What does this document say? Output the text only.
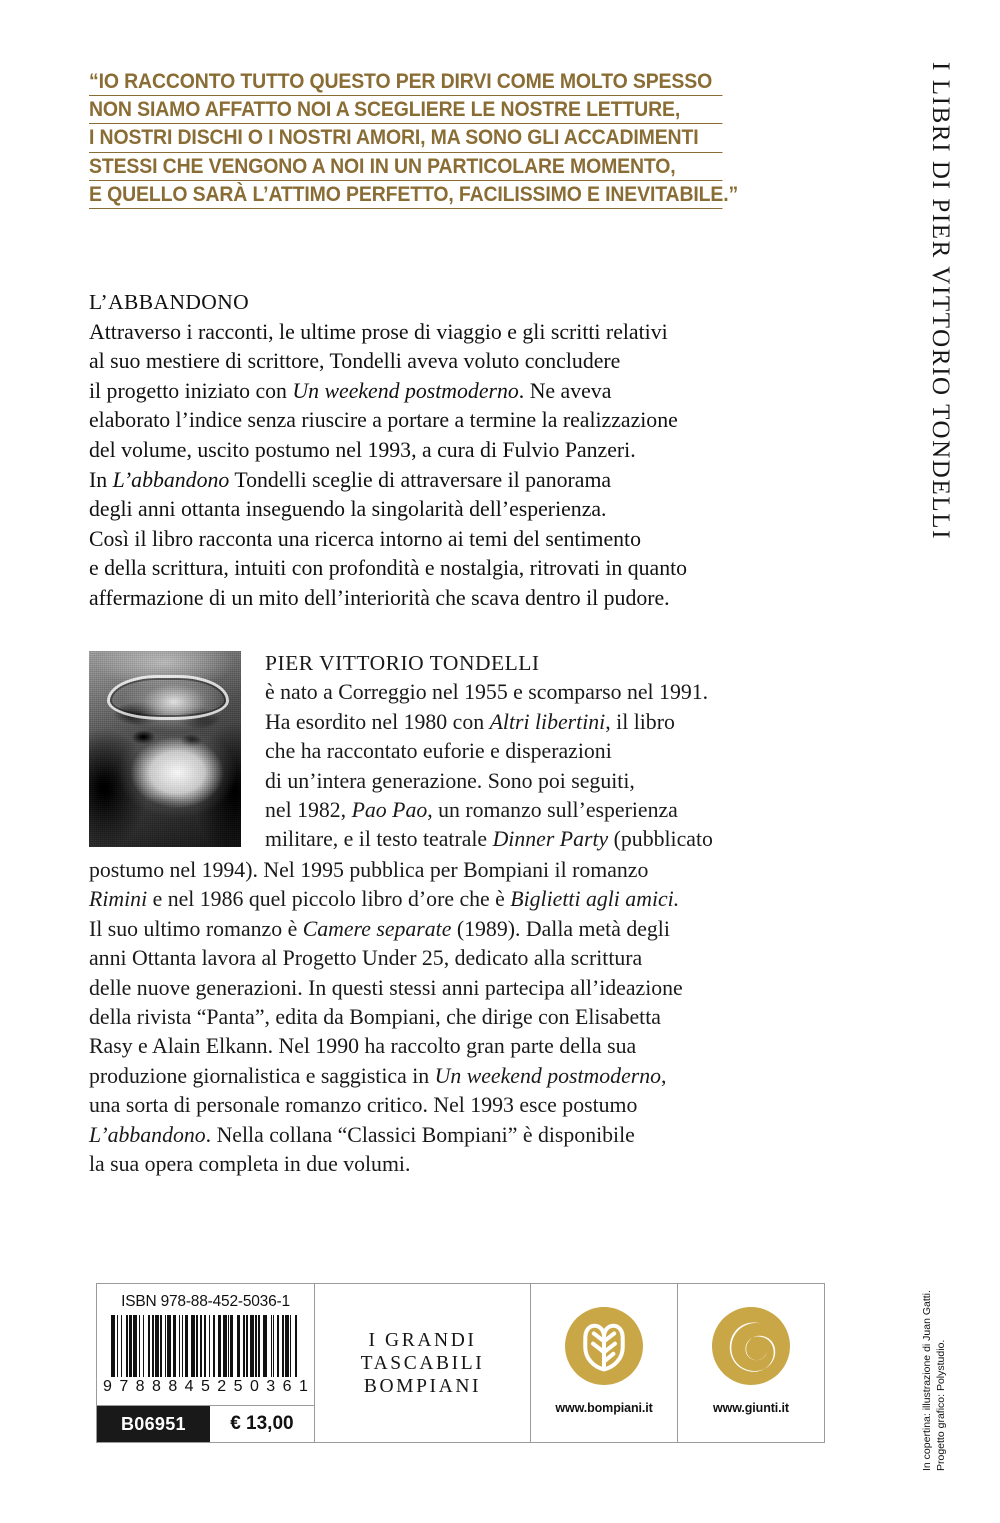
“IO RACCONTO TUTTO QUESTO PER DIRVI COME MOLTO SPESSO
NON SIAMO AFFATTO NOI A SCEGLIERE LE NOSTRE LETTURE,
I NOSTRI DISCHI O I NOSTRI AMORI, MA SONO GLI ACCADIMENTI
STESSI CHE VENGONO A NOI IN UN PARTICOLARE MOMENTO,
E QUELLO SARÀ L’ATTIMO PERFETTO, FACILISSIMO E INEVITABILE.”
L’ABBANDONO
Attraverso i racconti, le ultime prose di viaggio e gli scritti relativi
al suo mestiere di scrittore, Tondelli aveva voluto concludere
il progetto iniziato con Un weekend postmoderno. Ne aveva
elaborato l’indice senza riuscire a portare a termine la realizzazione
del volume, uscito postumo nel 1993, a cura di Fulvio Panzeri.
In L’abbandono Tondelli sceglie di attraversare il panorama
degli anni ottanta inseguendo la singolarità dell’esperienza.
Così il libro racconta una ricerca intorno ai temi del sentimento
e della scrittura, intuiti con profondità e nostalgia, ritrovati in quanto
affermazione di un mito dell’interiorità che scava dentro il pudore.
PIER VITTORIO TONDELLI
è nato a Correggio nel 1955 e scomparso nel 1991.
Ha esordito nel 1980 con Altri libertini, il libro
che ha raccontato euforie e disperazioni
di un’intera generazione. Sono poi seguiti,
nel 1982, Pao Pao, un romanzo sull’esperienza
militare, e il testo teatrale Dinner Party (pubblicato
postumo nel 1994). Nel 1995 pubblica per Bompiani il romanzo
Rimini e nel 1986 quel piccolo libro d’ore che è Biglietti agli amici.
Il suo ultimo romanzo è Camere separate (1989). Dalla metà degli
anni Ottanta lavora al Progetto Under 25, dedicato alla scrittura
delle nuove generazioni. In questi stessi anni partecipa all’ideazione
della rivista “Panta”, edita da Bompiani, che dirige con Elisabetta
Rasy e Alain Elkann. Nel 1990 ha raccolto gran parte della sua
produzione giornalistica e saggistica in Un weekend postmoderno,
una sorta di personale romanzo critico. Nel 1993 esce postumo
L’abbandono. Nella collana “Classici Bompiani” è disponibile
la sua opera completa in due volumi.
I LIBRI DI PIER VITTORIO TONDELLI
In copertina: illustrazione di Juan Gatti. Progetto grafico: Polystudio.
ISBN 978-88-452-5036-1
9 7 8 8 8 4 5 2 5 0 3 6 1
B06951	€ 13,00
I GRANDI
TASCABILI
BOMPIANI
www.bompiani.it	www.giunti.it
